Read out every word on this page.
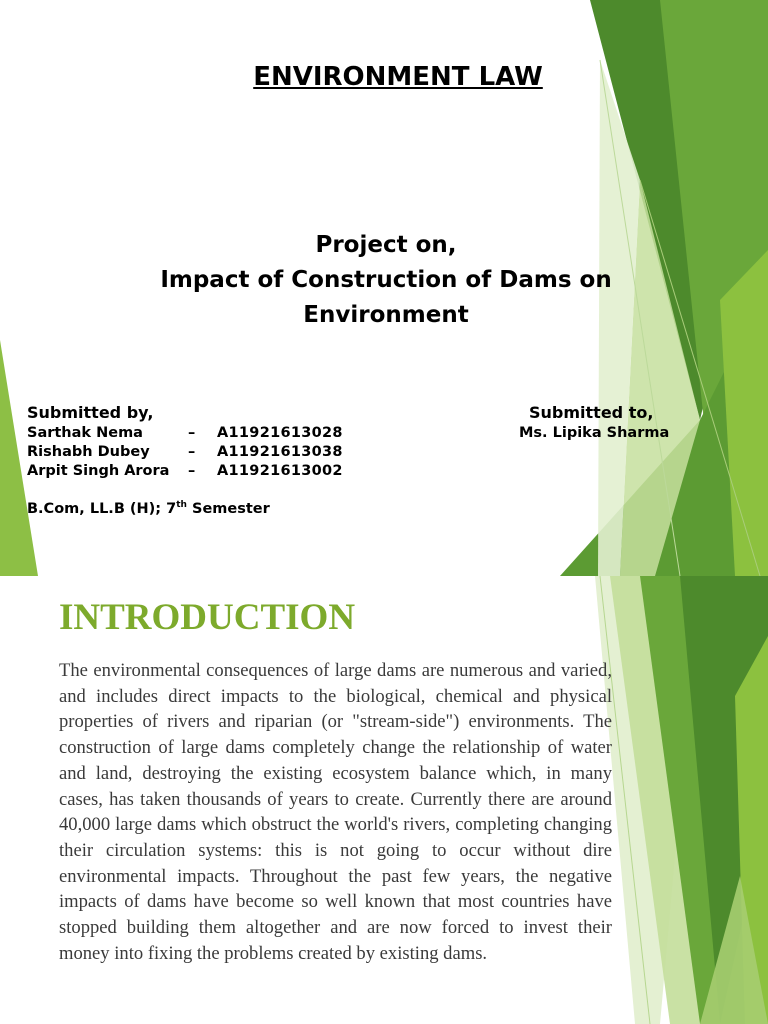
ENVIRONMENT LAW
Project on,
Impact of Construction of Dams on
Environment
Submitted by,	Submitted to,
Sarthak Nema	– A11921613028
Rishabh Dubey	– A11921613038
Arpit Singh Arora – A11921613002
Ms. Lipika Sharma
B.Com, LL.B (H); 7th Semester
INTRODUCTION

The environmental consequences of large dams are numerous and varied, and includes direct impacts to the biological, chemical and physical properties of rivers and riparian (or "stream-side") environments. The construction of large dams completely change the relationship of water and land, destroying the existing ecosystem balance which, in many cases, has taken thousands of years to create. Currently there are around 40,000 large dams which obstruct the world's rivers, completing changing their circulation systems: this is not going to occur without dire environmental impacts. Throughout the past few years, the negative impacts of dams have become so well known that most countries have stopped building them altogether and are now forced to invest their money into fixing the problems created by existing dams.
